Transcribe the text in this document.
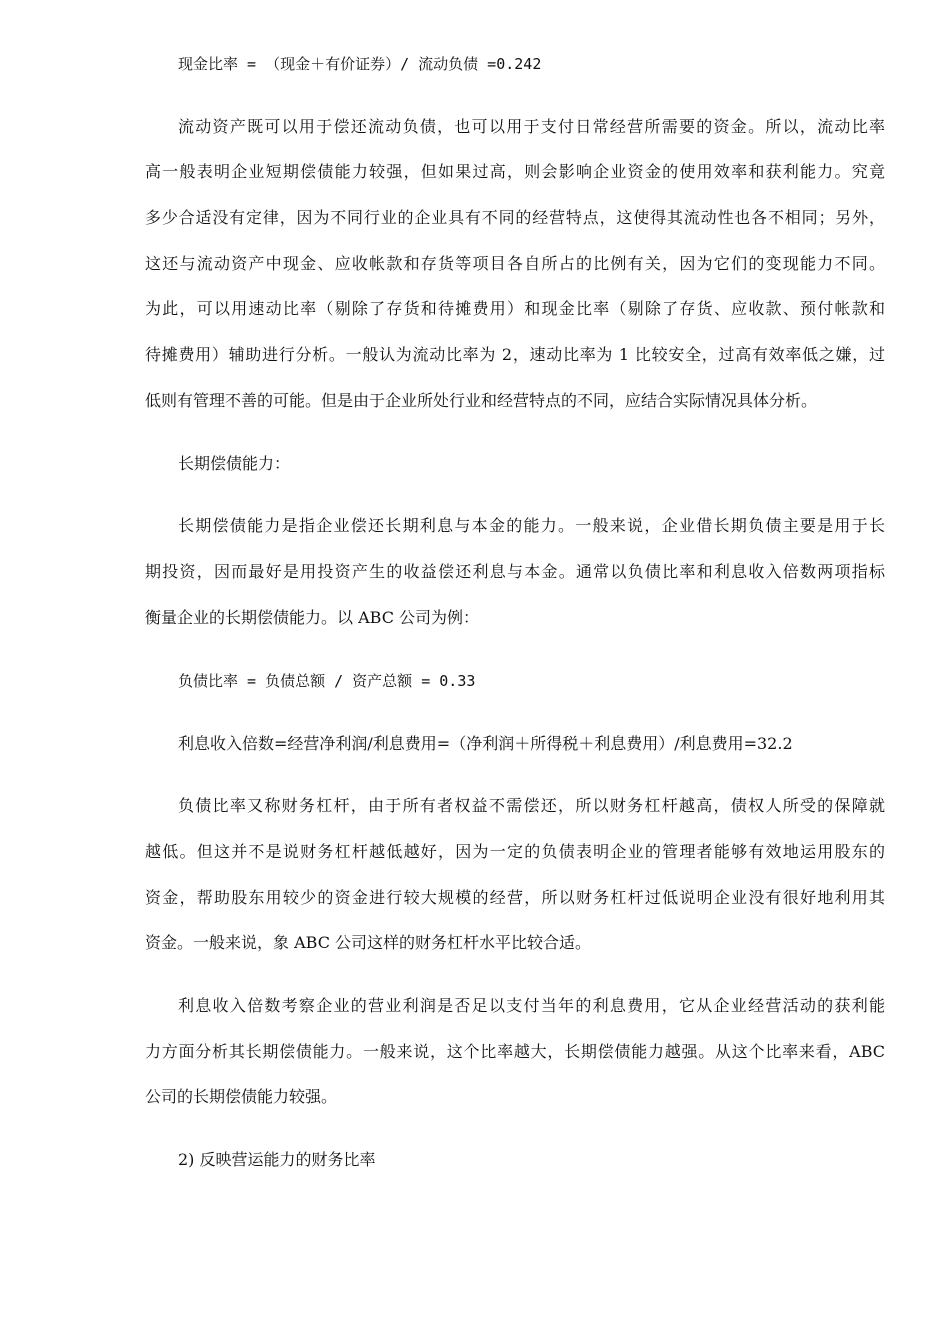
现金比率 = （现金＋有价证券）/ 流动负债 =0.242
流动资产既可以用于偿还流动负债，也可以用于支付日常经营所需要的资金。所以，流动比率
高一般表明企业短期偿债能力较强，但如果过高，则会影响企业资金的使用效率和获利能力。究竟
多少合适没有定律，因为不同行业的企业具有不同的经营特点，这使得其流动性也各不相同；另外，
这还与流动资产中现金、应收帐款和存货等项目各自所占的比例有关，因为它们的变现能力不同。
为此，可以用速动比率（剔除了存货和待摊费用）和现金比率（剔除了存货、应收款、预付帐款和
待摊费用）辅助进行分析。一般认为流动比率为 2，速动比率为 1 比较安全，过高有效率低之嫌，过
低则有管理不善的可能。但是由于企业所处行业和经营特点的不同，应结合实际情况具体分析。
长期偿债能力：
长期偿债能力是指企业偿还长期利息与本金的能力。一般来说，企业借长期负债主要是用于长
期投资，因而最好是用投资产生的收益偿还利息与本金。通常以负债比率和利息收入倍数两项指标
衡量企业的长期偿债能力。以 ABC 公司为例：
负债比率 = 负债总额 / 资产总额 = 0.33
利息收入倍数=经营净利润/利息费用=（净利润＋所得税＋利息费用）/利息费用=32.2
负债比率又称财务杠杆，由于所有者权益不需偿还，所以财务杠杆越高，债权人所受的保障就
越低。但这并不是说财务杠杆越低越好，因为一定的负债表明企业的管理者能够有效地运用股东的
资金，帮助股东用较少的资金进行较大规模的经营，所以财务杠杆过低说明企业没有很好地利用其
资金。一般来说，象 ABC 公司这样的财务杠杆水平比较合适。
利息收入倍数考察企业的营业利润是否足以支付当年的利息费用，它从企业经营活动的获利能
力方面分析其长期偿债能力。一般来说，这个比率越大，长期偿债能力越强。从这个比率来看，ABC
公司的长期偿债能力较强。
2) 反映营运能力的财务比率
